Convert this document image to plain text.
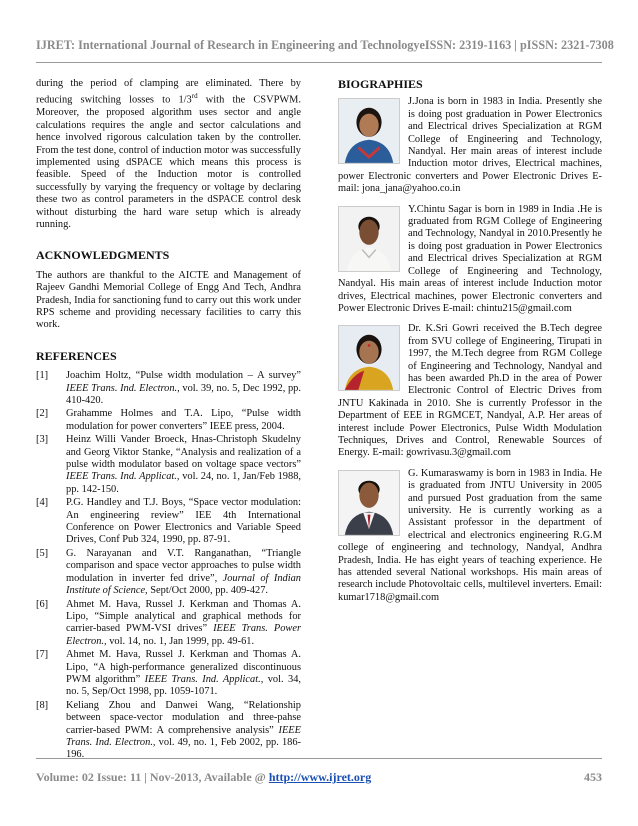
IJRET: International Journal of Research in Engineering and Technology eISSN: 2319-1163 | pISSN: 2321-7308

during the period of clamping are eliminated. There by reducing switching losses to 1/3rd with the CSVPWM. Moreover, the proposed algorithm uses sector and angle calculations requires the angle and sector calculations and hence involved rigorous calculation taken by the controller. From the test done, control of induction motor was successfully implemented using dSPACE which means this process is feasible. Speed of the Induction motor is controlled successfully by varying the frequency or voltage by declaring these two as control parameters in the dSPACE control desk without disturbing the hard ware setup which is already running.

ACKNOWLEDGMENTS

The authors are thankful to the AICTE and Management of Rajeev Gandhi Memorial College of Engg And Tech, Andhra Pradesh, India for sanctioning fund to carry out this work under RPS scheme and providing necessary facilities to carry this work.

REFERENCES
[1]	Joachim Holtz, “Pulse width modulation – A survey” IEEE Trans. Ind. Electron., vol. 39, no. 5, Dec 1992, pp. 410-420.
[2]	Grahamme Holmes and T.A. Lipo, “Pulse width modulation for power converters” IEEE press, 2004.
[3]	Heinz Willi Vander Broeck, Hnas-Christoph Skudelny and Georg Viktor Stanke, “Analysis and realization of a pulse width modulator based on voltage space vectors” IEEE Trans. Ind. Applicat., vol. 24, no. 1, Jan/Feb 1988, pp. 142-150.
[4]	P.G. Handley and T.J. Boys, “Space vector modulation: An engineering review” IEE 4th International Conference on Power Electronics and Variable Speed Drives, Conf Pub 324, 1990, pp. 87-91.
[5]	G. Narayanan and V.T. Ranganathan, “Triangle comparison and space vector approaches to pulse width modulation in inverter fed drive”, Journal of Indian Institute of Science, Sept/Oct 2000, pp. 409-427.
[6]	Ahmet M. Hava, Russel J. Kerkman and Thomas A. Lipo, “Simple analytical and graphical methods for carrier-based PWM-VSI drives” IEEE Trans. Power Electron., vol. 14, no. 1, Jan 1999, pp. 49-61.
[7]	Ahmet M. Hava, Russel J. Kerkman and Thomas A. Lipo, “A high-performance generalized discontinuous PWM algorithm” IEEE Trans. Ind. Applicat., vol. 34, no. 5, Sep/Oct 1998, pp. 1059-1071.
[8]	Keliang Zhou and Danwei Wang, “Relationship between space-vector modulation and three-pahse carrier-based PWM: A comprehensive analysis” IEEE Trans. Ind. Electron., vol. 49, no. 1, Feb 2002, pp. 186-196.
BIOGRAPHIES

J.Jona is born in 1983 in India. Presently she is doing post graduation in Power Electronics and Electrical drives Specialization at RGM College of Engineering and Technology, Nandyal. Her main areas of interest include Induction motor drives, Electrical machines, power Electronic converters and Power Electronic Drives E-mail: jona_jana@yahoo.co.in

Y.Chintu Sagar is born in 1989 in India .He is graduated from RGM College of Engineering and Technology, Nandyal in 2010.Presently he is doing post graduation in Power Electronics and Electrical drives Specialization at RGM College of Engineering and Technology, Nandyal. His main areas of interest include Induction motor drives, Electrical machines, power Electronic converters and Power Electronic Drives E-mail: chintu215@gmail.com

Dr. K.Sri Gowri received the B.Tech degree from SVU college of Engineering, Tirupati in 1997, the M.Tech degree from RGM College of Engineering and Technology, Nandyal and has been awarded Ph.D in the area of Power Electronic Control of Electric Drives from JNTU Kakinada in 2010. She is currently Professor in the Department of EEE in RGMCET, Nandyal, A.P. Her areas of interest include Power Electronics, Pulse Width Modulation Techniques, Drives and Control, Renewable Sources of Energy. E-mail: gowrivasu.3@gmail.com

G. Kumaraswamy is born in 1983 in India. He is graduated from JNTU University in 2005 and pursued Post graduation from the same university. He is currently working as a Assistant professor in the department of electrical and electronics engineering R.G.M college of engineering and technology, Nandyal, Andhra Pradesh, India. He has eight years of teaching experience. He has attended several National workshops. His main areas of research include Photovoltaic cells, multilevel inverters. Email: kumar1718@gmail.com

Volume: 02 Issue: 11 | Nov-2013, Available @ http://www.ijret.org	453
